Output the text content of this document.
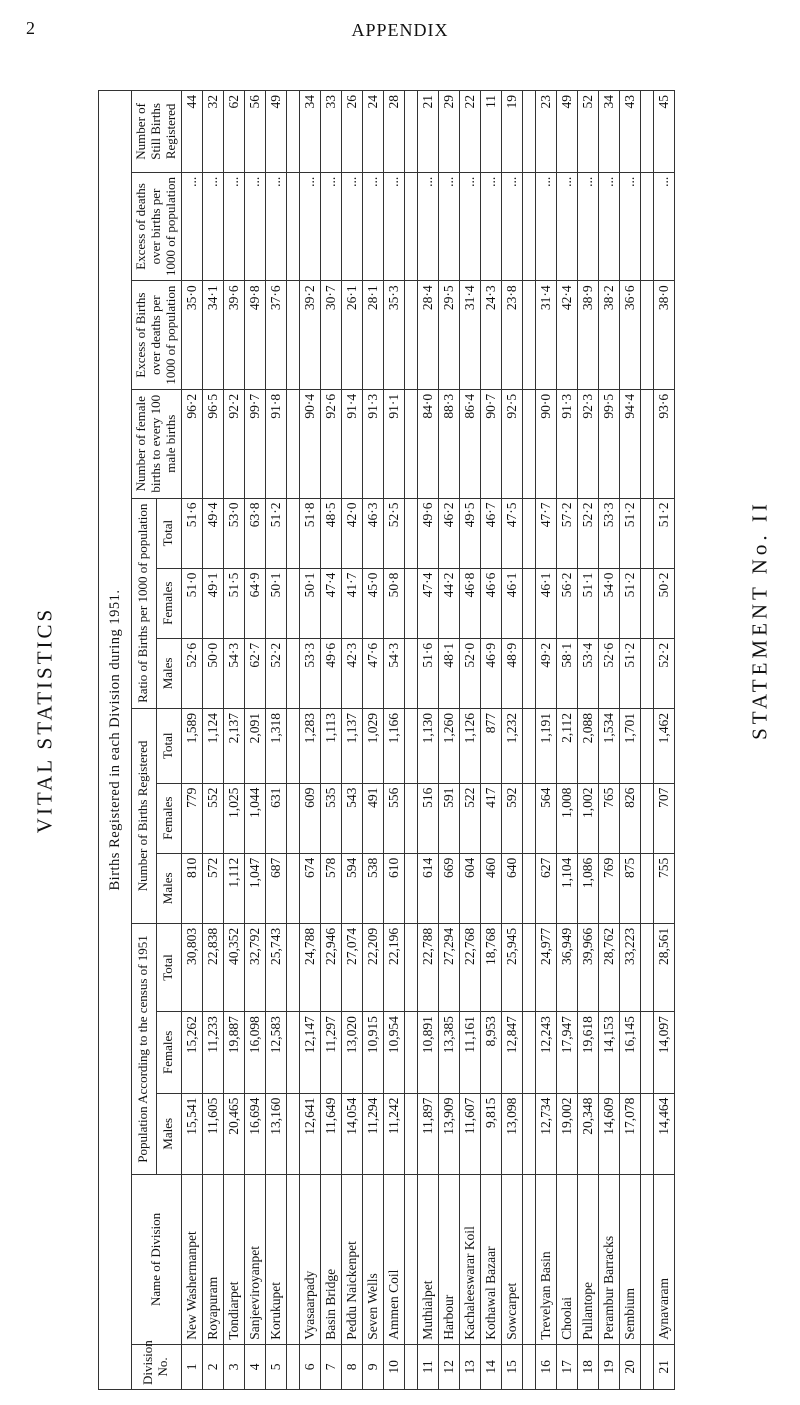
2	APPENDIX
VITAL STATISTICS	STATEMENT No. II
Births Registered in each Division during 1951.														
Division No.	Name of Division	Population According to the census of 1951			Number of Births Registered			Ratio of Births per 1000 of population			Number of female births to every 100 male births	Excess of Births over deaths per 1000 of population	Excess of deaths over births per 1000 of population	Number of Still Births Registered
		Males	Females	Total	Males	Females	Total	Males	Females	Total				
1	New Washermanpet	15,541	15,262	30,803	810	779	1,589	52·6	51·0	51·6	96·2	35·0	...	44
2	Royapuram	11,605	11,233	22,838	572	552	1,124	50·0	49·1	49·4	96·5	34·1	...	32
3	Tondiarpet	20,465	19,887	40,352	1,112	1,025	2,137	54·3	51·5	53·0	92·2	39·6	...	62
4	Sanjeeviroyanpet	16,694	16,098	32,792	1,047	1,044	2,091	62·7	64·9	63·8	99·7	49·8	...	56
5	Korukupet	13,160	12,583	25,743	687	631	1,318	52·2	50·1	51·2	91·8	37·6	...	49

6	Vyasaarpady	12,641	12,147	24,788	674	609	1,283	53·3	50·1	51·8	90·4	39·2	...	34
7	Basin Bridge	11,649	11,297	22,946	578	535	1,113	49·6	47·4	48·5	92·6	30·7	...	33
8	Peddu Naickenpet	14,054	13,020	27,074	594	543	1,137	42·3	41·7	42·0	91·4	26·1	...	26
9	Seven Wells	11,294	10,915	22,209	538	491	1,029	47·6	45·0	46·3	91·3	28·1	...	24
10	Ammen Coil	11,242	10,954	22,196	610	556	1,166	54·3	50·8	52·5	91·1	35·3	...	28

11	Muthialpet	11,897	10,891	22,788	614	516	1,130	51·6	47·4	49·6	84·0	28·4	...	21
12	Harbour	13,909	13,385	27,294	669	591	1,260	48·1	44·2	46·2	88·3	29·5	...	29
13	Kachaleeswarar Koil	11,607	11,161	22,768	604	522	1,126	52·0	46·8	49·5	86·4	31·4	...	22
14	Kothawal Bazaar	9,815	8,953	18,768	460	417	877	46·9	46·6	46·7	90·7	24·3	...	11
15	Sowcarpet	13,098	12,847	25,945	640	592	1,232	48·9	46·1	47·5	92·5	23·8	...	19

16	Trevelyan Basin	12,734	12,243	24,977	627	564	1,191	49·2	46·1	47·7	90·0	31·4	...	23
17	Choolai	19,002	17,947	36,949	1,104	1,008	2,112	58·1	56·2	57·2	91·3	42·4	...	49
18	Pullantope	20,348	19,618	39,966	1,086	1,002	2,088	53·4	51·1	52·2	92·3	38·9	...	52
19	Perambur Barracks	14,609	14,153	28,762	769	765	1,534	52·6	54·0	53·3	99·5	38·2	...	34
20	Sembium	17,078	16,145	33,223	875	826	1,701	51·2	51·2	51·2	94·4	36·6	...	43

21	Aynavaram	14,464	14,097	28,561	755	707	1,462	52·2	50·2	51·2	93·6	38·0	...	45
